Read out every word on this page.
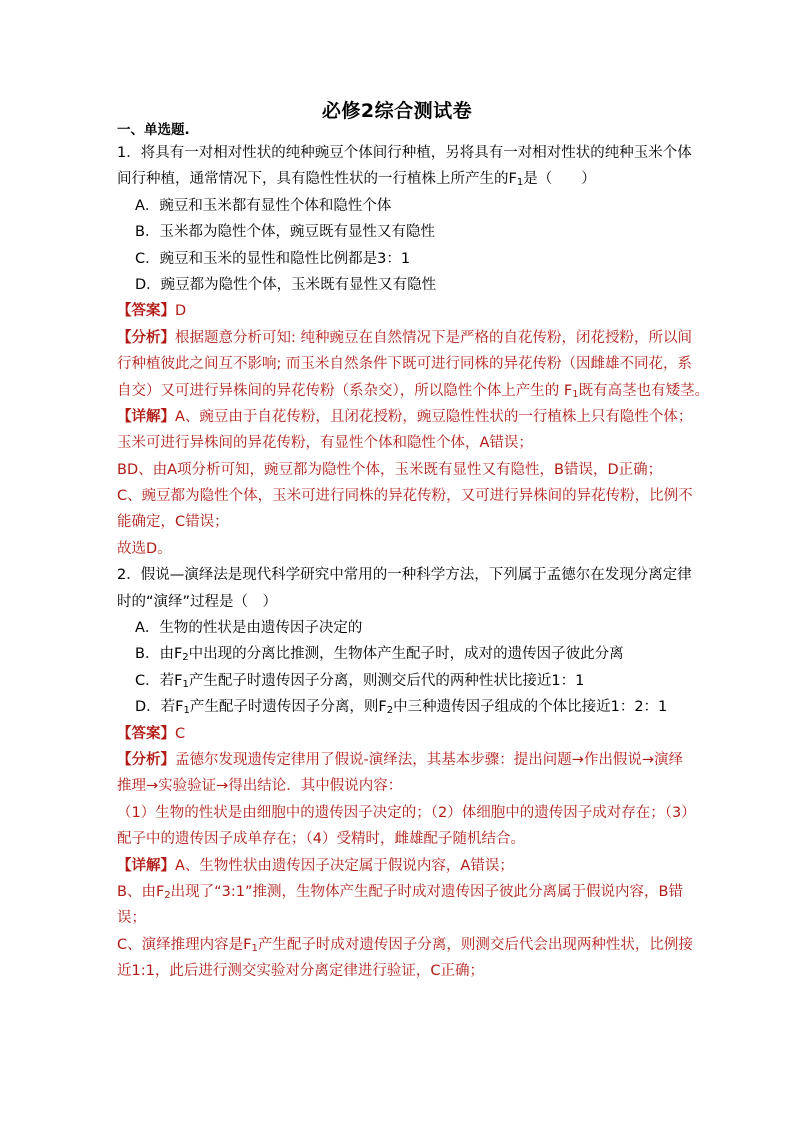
必修2综合测试卷
一、单选题.
1．将具有一对相对性状的纯种豌豆个体间行种植，另将具有一对相对性状的纯种玉米个体
间行种植，通常情况下，具有隐性性状的一行植株上所产生的$F_1$是（　　）
A．豌豆和玉米都有显性个体和隐性个体
B．玉米都为隐性个体，豌豆既有显性又有隐性
C．豌豆和玉米的显性和隐性比例都是3：1
D．豌豆都为隐性个体，玉米既有显性又有隐性
【答案】D
【分析】根据题意分析可知: 纯种豌豆在自然情况下是严格的自花传粉，闭花授粉，所以间
行种植彼此之间互不影响; 而玉米自然条件下既可进行同株的异花传粉（因雌雄不同花，系
自交）又可进行异株间的异花传粉（系杂交），所以隐性个体上产生的 $F_1$既有高茎也有矮茎。
【详解】A、豌豆由于自花传粉，且闭花授粉，豌豆隐性性状的一行植株上只有隐性个体；
玉米可进行异株间的异花传粉，有显性个体和隐性个体，A错误；
BD、由A项分析可知，豌豆都为隐性个体，玉米既有显性又有隐性，B错误，D正确；
C、豌豆都为隐性个体，玉米可进行同株的异花传粉，又可进行异株间的异花传粉，比例不
能确定，C错误；
故选D。
2．假说—演绎法是现代科学研究中常用的一种科学方法，下列属于孟德尔在发现分离定律
时的“演绎”过程是（　）
A．生物的性状是由遗传因子决定的
B．由$F_2$中出现的分离比推测，生物体产生配子时，成对的遗传因子彼此分离
C．若$F_1$产生配子时遗传因子分离，则测交后代的两种性状比接近1：1
D．若$F_1$产生配子时遗传因子分离，则$F_2$中三种遗传因子组成的个体比接近1：2：1
【答案】C
【分析】孟德尔发现遗传定律用了假说-演绎法，其基本步骤：提出问题→作出假说→演绎
推理→实验验证→得出结论．其中假说内容：
（1）生物的性状是由细胞中的遗传因子决定的；（2）体细胞中的遗传因子成对存在；（3）
配子中的遗传因子成单存在；（4）受精时，雌雄配子随机结合。
【详解】A、生物性状由遗传因子决定属于假说内容，A错误；
B、由$F_2$出现了“3:1”推测，生物体产生配子时成对遗传因子彼此分离属于假说内容，B错
误；
C、演绎推理内容是$F_1$产生配子时成对遗传因子分离，则测交后代会出现两种性状，比例接
近1:1，此后进行测交实验对分离定律进行验证，C正确；
